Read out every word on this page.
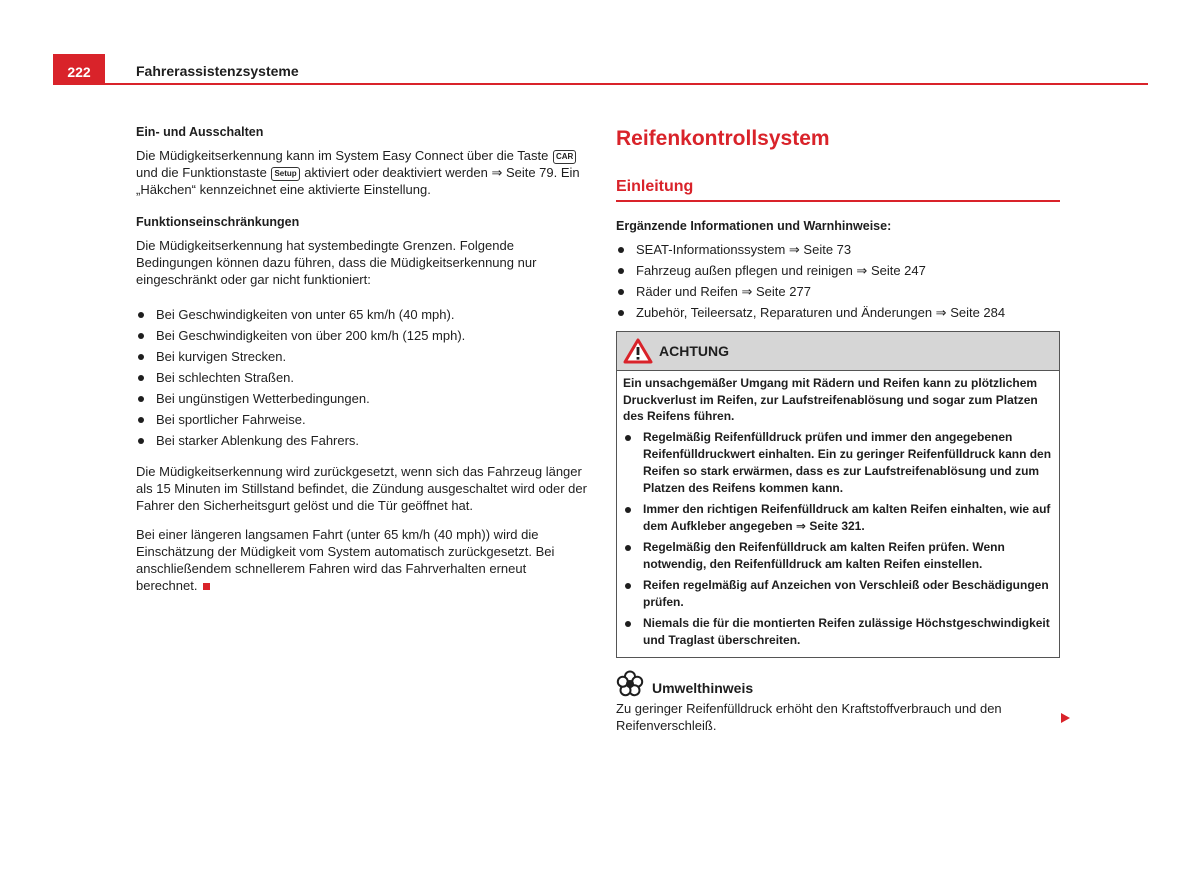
222	Fahrerassistenzsysteme
Ein- und Ausschalten

Die Müdigkeitserkennung kann im System Easy Connect über die Taste CAR und die Funktionstaste Setup aktiviert oder deaktiviert werden ⇒ Seite 79. Ein „Häkchen“ kennzeichnet eine aktivierte Einstellung.

Funktionseinschränkungen

Die Müdigkeitserkennung hat systembedingte Grenzen. Folgende Bedingungen können dazu führen, dass die Müdigkeitserkennung nur eingeschränkt oder gar nicht funktioniert:

Bei Geschwindigkeiten von unter 65 km/h (40 mph).
Bei Geschwindigkeiten von über 200 km/h (125 mph).
Bei kurvigen Strecken.
Bei schlechten Straßen.
Bei ungünstigen Wetterbedingungen.
Bei sportlicher Fahrweise.
Bei starker Ablenkung des Fahrers.

Die Müdigkeitserkennung wird zurückgesetzt, wenn sich das Fahrzeug länger als 15 Minuten im Stillstand befindet, die Zündung ausgeschaltet wird oder der Fahrer den Sicherheitsgurt gelöst und die Tür geöffnet hat.

Bei einer längeren langsamen Fahrt (unter 65 km/h (40 mph)) wird die Einschätzung der Müdigkeit vom System automatisch zurückgesetzt. Bei anschließendem schnellerem Fahren wird das Fahrverhalten erneut berechnet.

Reifenkontrollsystem
Einleitung
Ergänzende Informationen und Warnhinweise:
SEAT-Informationssystem ⇒ Seite 73
Fahrzeug außen pflegen und reinigen ⇒ Seite 247
Räder und Reifen ⇒ Seite 277
Zubehör, Teileersatz, Reparaturen und Änderungen ⇒ Seite 284
ACHTUNG

Ein unsachgemäßer Umgang mit Rädern und Reifen kann zu plötzlichem Druckverlust im Reifen, zur Laufstreifenablösung und sogar zum Platzen des Reifens führen.

Regelmäßig Reifenfülldruck prüfen und immer den angegebenen Reifenfülldruckwert einhalten. Ein zu geringer Reifenfülldruck kann den Reifen so stark erwärmen, dass es zur Laufstreifenablösung und zum Platzen des Reifens kommen kann.
Immer den richtigen Reifenfülldruck am kalten Reifen einhalten, wie auf dem Aufkleber angegeben ⇒ Seite 321.
Regelmäßig den Reifenfülldruck am kalten Reifen prüfen. Wenn notwendig, den Reifenfülldruck am kalten Reifen einstellen.
Reifen regelmäßig auf Anzeichen von Verschleiß oder Beschädigungen prüfen.
Niemals die für die montierten Reifen zulässige Höchstgeschwindigkeit und Traglast überschreiten.
Umwelthinweis
Zu geringer Reifenfülldruck erhöht den Kraftstoffverbrauch und den Reifenverschleiß.
